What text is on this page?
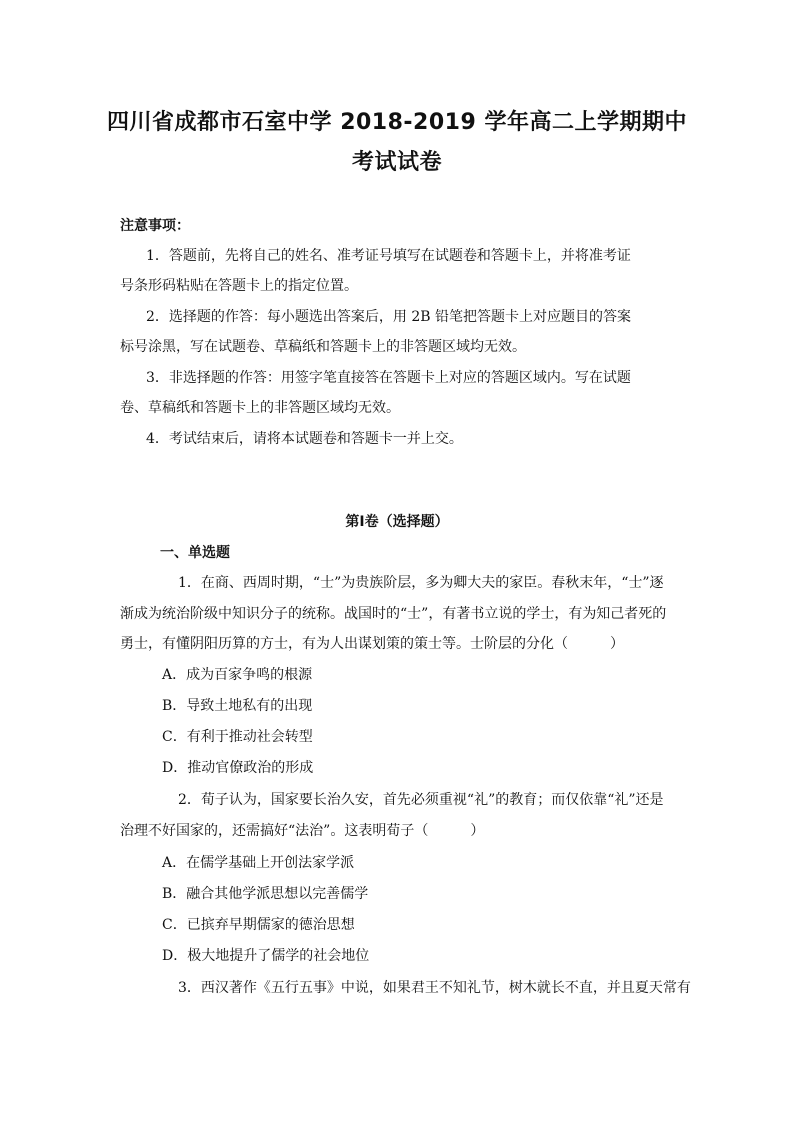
四川省成都市石室中学 2018-2019 学年高二上学期期中
考试试卷
注意事项：
1．答题前，先将自己的姓名、准考证号填写在试题卷和答题卡上，并将准考证
号条形码粘贴在答题卡上的指定位置。
2．选择题的作答：每小题选出答案后，用 2B 铅笔把答题卡上对应题目的答案
标号涂黑，写在试题卷、草稿纸和答题卡上的非答题区域均无效。
3．非选择题的作答：用签字笔直接答在答题卡上对应的答题区域内。写在试题
卷、草稿纸和答题卡上的非答题区域均无效。
4．考试结束后，请将本试题卷和答题卡一并上交。
第Ⅰ卷（选择题）
一、单选题
1．在商、西周时期，“士”为贵族阶层，多为卿大夫的家臣。春秋末年，“士”逐
渐成为统治阶级中知识分子的统称。战国时的“士”，有著书立说的学士，有为知己者死的
勇士，有懂阴阳历算的方士，有为人出谋划策的策士等。士阶层的分化（　　　）
A．成为百家争鸣的根源
B．导致土地私有的出现
C．有利于推动社会转型
D．推动官僚政治的形成
2．荀子认为，国家要长治久安，首先必须重视“礼”的教育；而仅依靠“礼”还是
治理不好国家的，还需搞好“法治”。这表明荀子（　　　）
A．在儒学基础上开创法家学派
B．融合其他学派思想以完善儒学
C．已摈弃早期儒家的德治思想
D．极大地提升了儒学的社会地位
3．西汉著作《五行五事》中说，如果君王不知礼节，树木就长不直，并且夏天常有
